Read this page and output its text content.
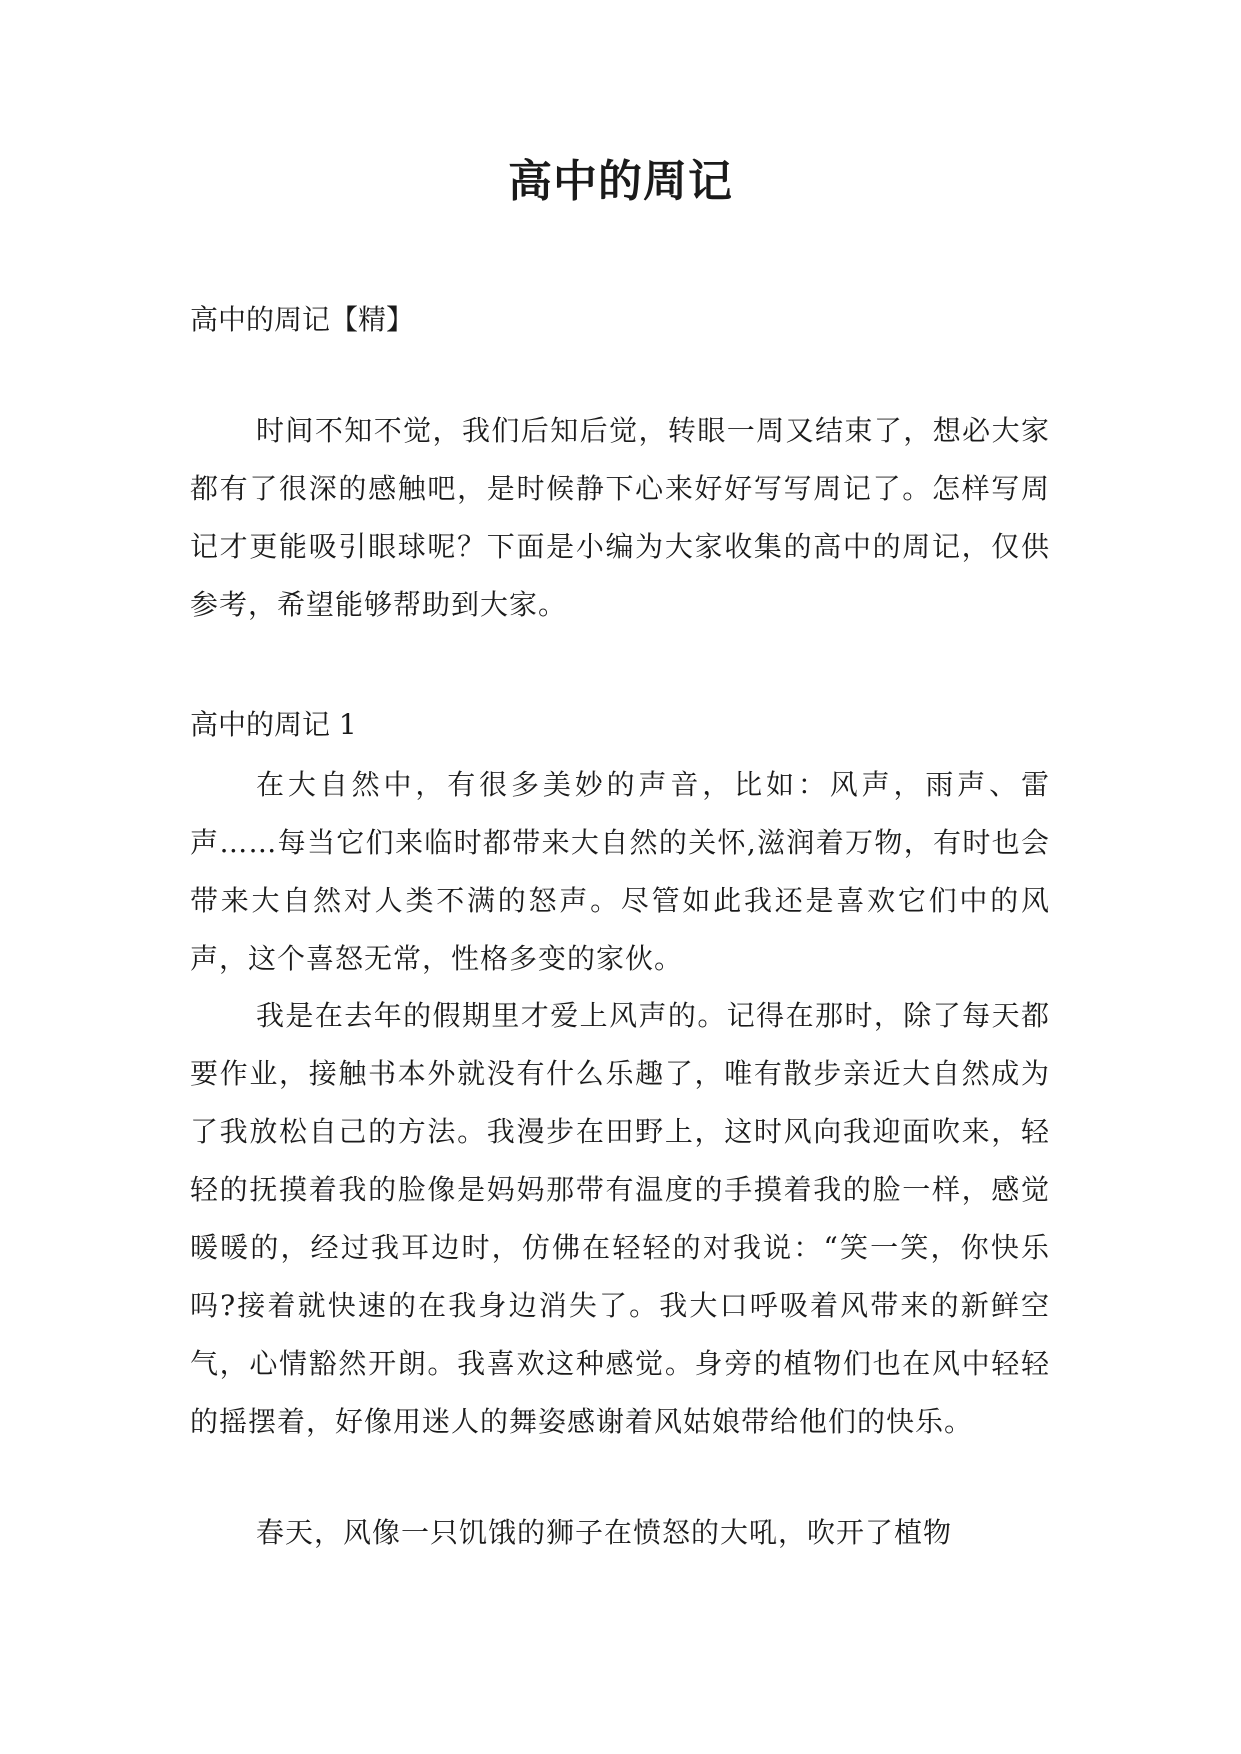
高中的周记

高中的周记【精】

时间不知不觉，我们后知后觉，转眼一周又结束了，想必大家都有了很深的感触吧，是时候静下心来好好写写周记了。怎样写周记才更能吸引眼球呢？下面是小编为大家收集的高中的周记，仅供参考，希望能够帮助到大家。

高中的周记 1

在大自然中，有很多美妙的声音，比如：风声，雨声、雷声……每当它们来临时都带来大自然的关怀,滋润着万物，有时也会带来大自然对人类不满的怒声。尽管如此我还是喜欢它们中的风声，这个喜怒无常，性格多变的家伙。

我是在去年的假期里才爱上风声的。记得在那时，除了每天都要作业，接触书本外就没有什么乐趣了，唯有散步亲近大自然成为了我放松自己的方法。我漫步在田野上，这时风向我迎面吹来，轻轻的抚摸着我的脸像是妈妈那带有温度的手摸着我的脸一样，感觉暖暖的，经过我耳边时，仿佛在轻轻的对我说：“笑一笑，你快乐吗?接着就快速的在我身边消失了。我大口呼吸着风带来的新鲜空气，心情豁然开朗。我喜欢这种感觉。身旁的植物们也在风中轻轻的摇摆着，好像用迷人的舞姿感谢着风姑娘带给他们的快乐。

春天，风像一只饥饿的狮子在愤怒的大吼，吹开了植物
